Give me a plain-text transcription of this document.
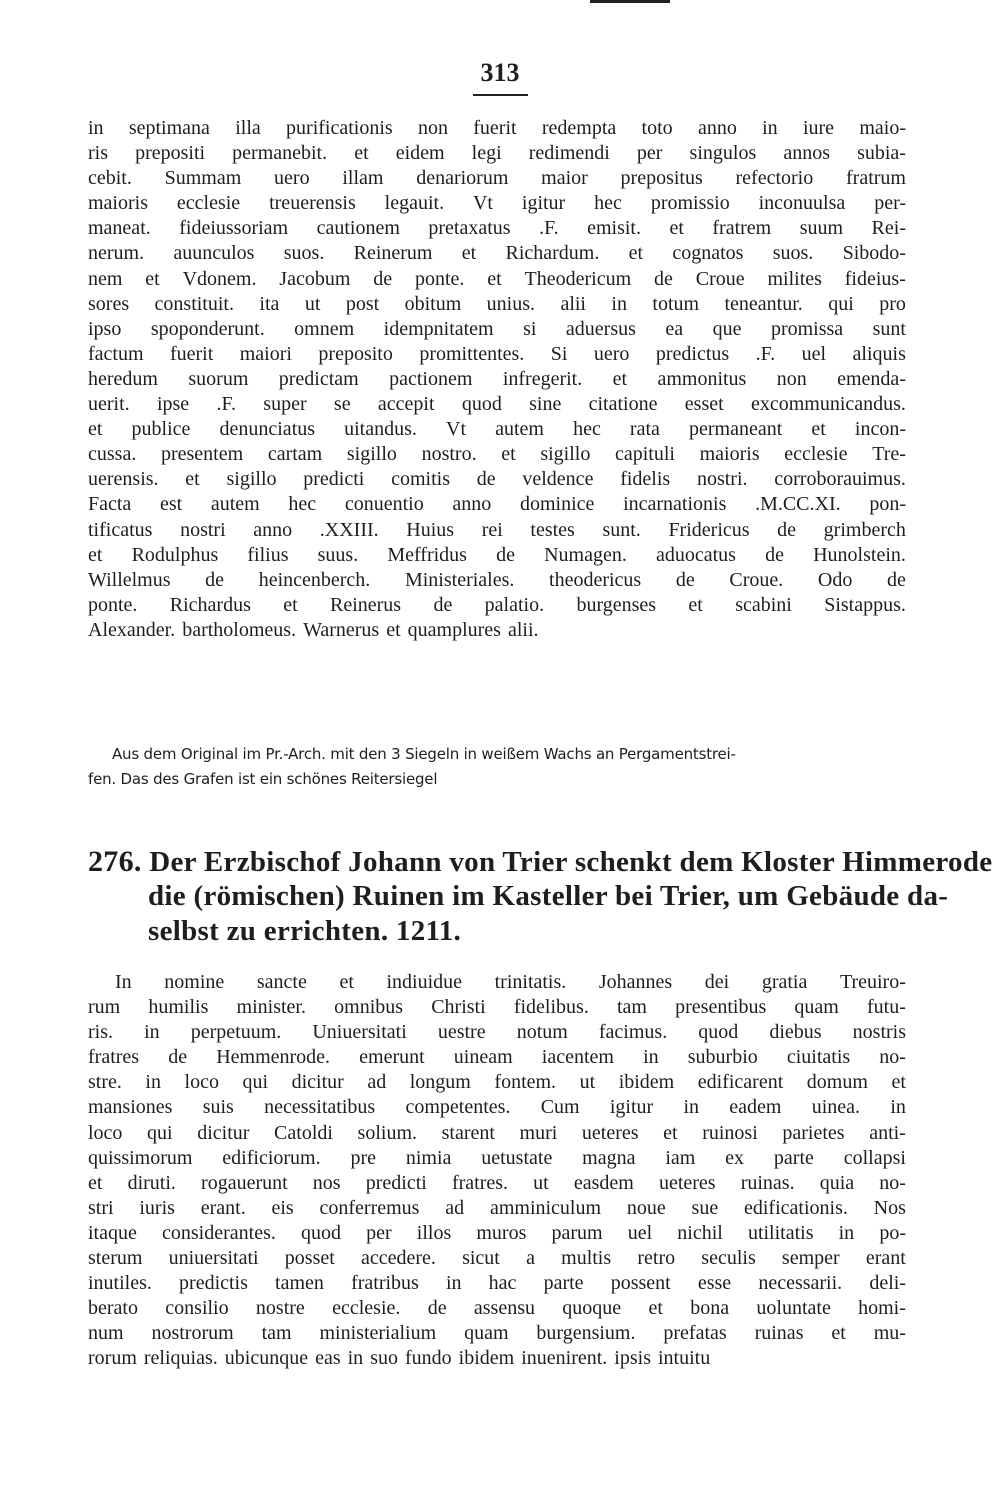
313
in septimana illa purificationis non fuerit redempta toto anno in iure maio-
ris prepositi permanebit. et eidem legi redimendi per singulos annos subia-
cebit. Summam uero illam denariorum maior prepositus refectorio fratrum
maioris ecclesie treuerensis legauit. Vt igitur hec promissio inconuulsa per-
maneat. fideiussoriam cautionem pretaxatus .F. emisit. et fratrem suum Rei-
nerum. auunculos suos. Reinerum et Richardum. et cognatos suos. Sibodo-
nem et Vdonem. Jacobum de ponte. et Theodericum de Croue milites fideius-
sores constituit. ita ut post obitum unius. alii in totum teneantur. qui pro
ipso spoponderunt. omnem idempnitatem si aduersus ea que promissa sunt
factum fuerit maiori preposito promittentes. Si uero predictus .F. uel aliquis
heredum suorum predictam pactionem infregerit. et ammonitus non emenda-
uerit. ipse .F. super se accepit quod sine citatione esset excommunicandus.
et publice denunciatus uitandus. Vt autem hec rata permaneant et incon-
cussa. presentem cartam sigillo nostro. et sigillo capituli maioris ecclesie Tre-
uerensis. et sigillo predicti comitis de veldence fidelis nostri. corroborauimus.
Facta est autem hec conuentio anno dominice incarnationis .M.CC.XI. pon-
tificatus nostri anno .XXIII. Huius rei testes sunt. Fridericus de grimberch
et Rodulphus filius suus. Meffridus de Numagen. aduocatus de Hunolstein.
Willelmus de heincenberch. Ministeriales. theodericus de Croue. Odo de
ponte. Richardus et Reinerus de palatio. burgenses et scabini Sistappus.
Alexander. bartholomeus. Warnerus et quamplures alii.
Aus dem Original im Pr.-Arch. mit den 3 Siegeln in weißem Wachs an Pergamentstrei-
fen. Das des Grafen ist ein schönes Reitersiegel
276. Der Erzbischof Johann von Trier schenkt dem Kloster Himmerode
die (römischen) Ruinen im Kasteller bei Trier, um Gebäude da-
selbst zu errichten. 1211.
In nomine sancte et indiuidue trinitatis. Johannes dei gratia Treuiro-
rum humilis minister. omnibus Christi fidelibus. tam presentibus quam futu-
ris. in perpetuum. Uniuersitati uestre notum facimus. quod diebus nostris
fratres de Hemmenrode. emerunt uineam iacentem in suburbio ciuitatis no-
stre. in loco qui dicitur ad longum fontem. ut ibidem edificarent domum et
mansiones suis necessitatibus competentes. Cum igitur in eadem uinea. in
loco qui dicitur Catoldi solium. starent muri ueteres et ruinosi parietes anti-
quissimorum edificiorum. pre nimia uetustate magna iam ex parte collapsi
et diruti. rogauerunt nos predicti fratres. ut easdem ueteres ruinas. quia no-
stri iuris erant. eis conferremus ad amminiculum noue sue edificationis. Nos
itaque considerantes. quod per illos muros parum uel nichil utilitatis in po-
sterum uniuersitati posset accedere. sicut a multis retro seculis semper erant
inutiles. predictis tamen fratribus in hac parte possent esse necessarii. deli-
berato consilio nostre ecclesie. de assensu quoque et bona uoluntate homi-
num nostrorum tam ministerialium quam burgensium. prefatas ruinas et mu-
rorum reliquias. ubicunque eas in suo fundo ibidem inuenirent. ipsis intuitu
